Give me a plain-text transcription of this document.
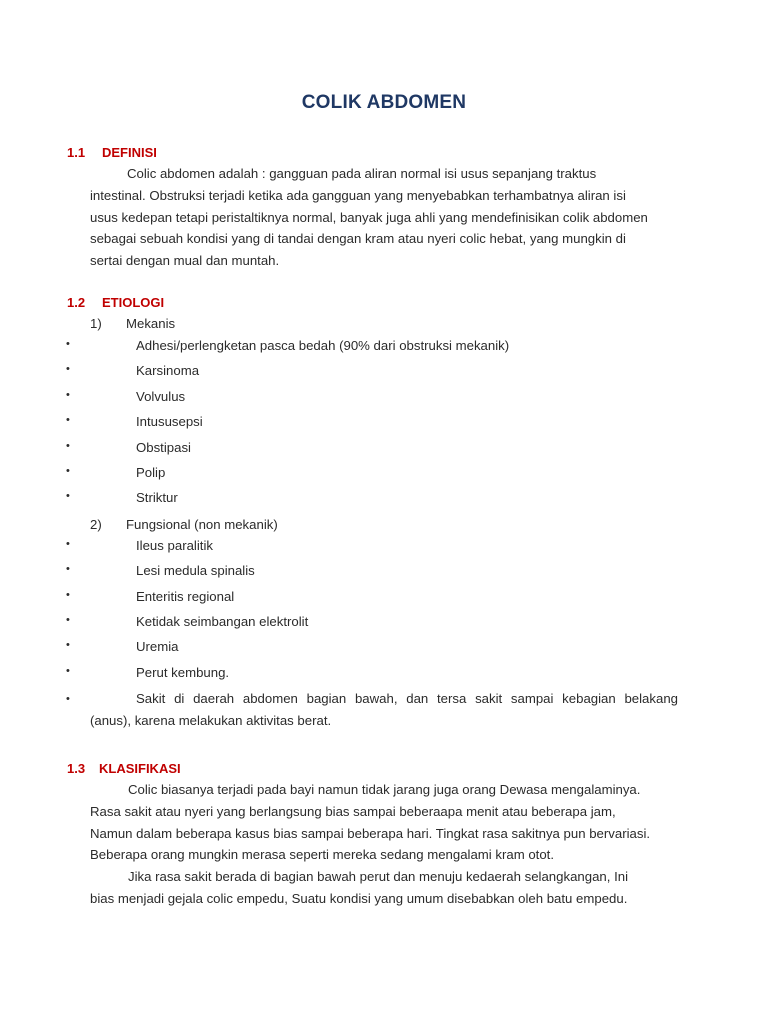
COLIK ABDOMEN
1.1 DEFINISI
Colic abdomen adalah : gangguan pada aliran normal isi usus sepanjang traktus
intestinal. Obstruksi terjadi ketika ada gangguan yang menyebabkan terhambatnya aliran isi
usus kedepan tetapi peristaltiknya normal, banyak juga ahli yang mendefinisikan colik abdomen
sebagai sebuah kondisi yang di tandai dengan kram atau nyeri colic hebat, yang mungkin di
sertai dengan mual dan muntah.
1.2 ETIOLOGI
1) Mekanis
•	Adhesi/perlengketan pasca bedah (90% dari obstruksi mekanik)
•	Karsinoma
•	Volvulus
•	Intususepsi
•	Obstipasi
•	Polip
•	Striktur
2) Fungsional (non mekanik)
•	Ileus paralitik
•	Lesi medula spinalis
•	Enteritis regional
•	Ketidak seimbangan elektrolit
•	Uremia
•	Perut kembung.
•	Sakit di daerah abdomen bagian bawah, dan tersa sakit sampai kebagian belakang
(anus), karena melakukan aktivitas berat.
1.3 KLASIFIKASI
Colic biasanya terjadi pada bayi namun tidak jarang juga orang Dewasa mengalaminya.
Rasa sakit atau nyeri yang berlangsung bias sampai beberaapa menit atau beberapa jam,
Namun dalam beberapa kasus bias sampai beberapa hari. Tingkat rasa sakitnya pun bervariasi.
Beberapa orang mungkin merasa seperti mereka sedang mengalami kram otot.
Jika rasa sakit berada di bagian bawah perut dan menuju kedaerah selangkangan, Ini
bias menjadi gejala colic empedu, Suatu kondisi yang umum disebabkan oleh batu empedu.
